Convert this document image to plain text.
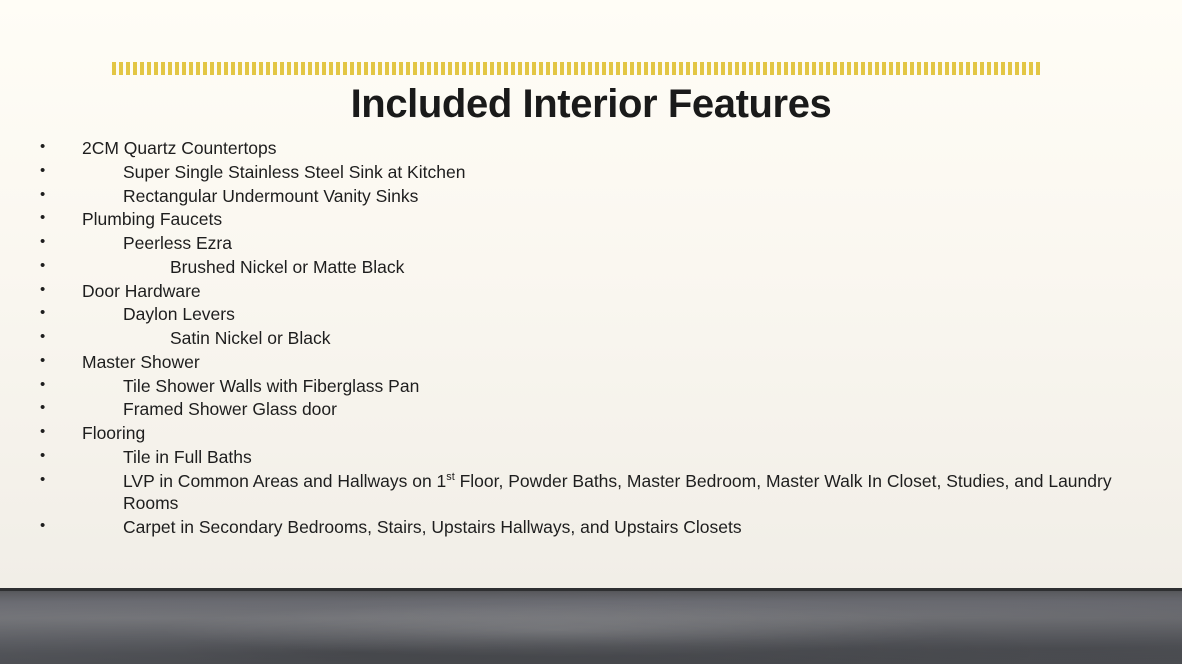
Included Interior Features
• 2CM Quartz Countertops
•	Super Single Stainless Steel Sink at Kitchen
•	Rectangular Undermount Vanity Sinks
• Plumbing Faucets
•	Peerless Ezra
•	Brushed Nickel or Matte Black
• Door Hardware
•	Daylon Levers
•	Satin Nickel or Black
• Master Shower
•	Tile Shower Walls with Fiberglass Pan
•	Framed Shower Glass door
• Flooring
•	Tile in Full Baths
•	LVP in Common Areas and Hallways on 1st Floor, Powder Baths, Master Bedroom, Master Walk In Closet, Studies, and Laundry Rooms
•	Carpet in Secondary Bedrooms, Stairs, Upstairs Hallways, and Upstairs Closets
